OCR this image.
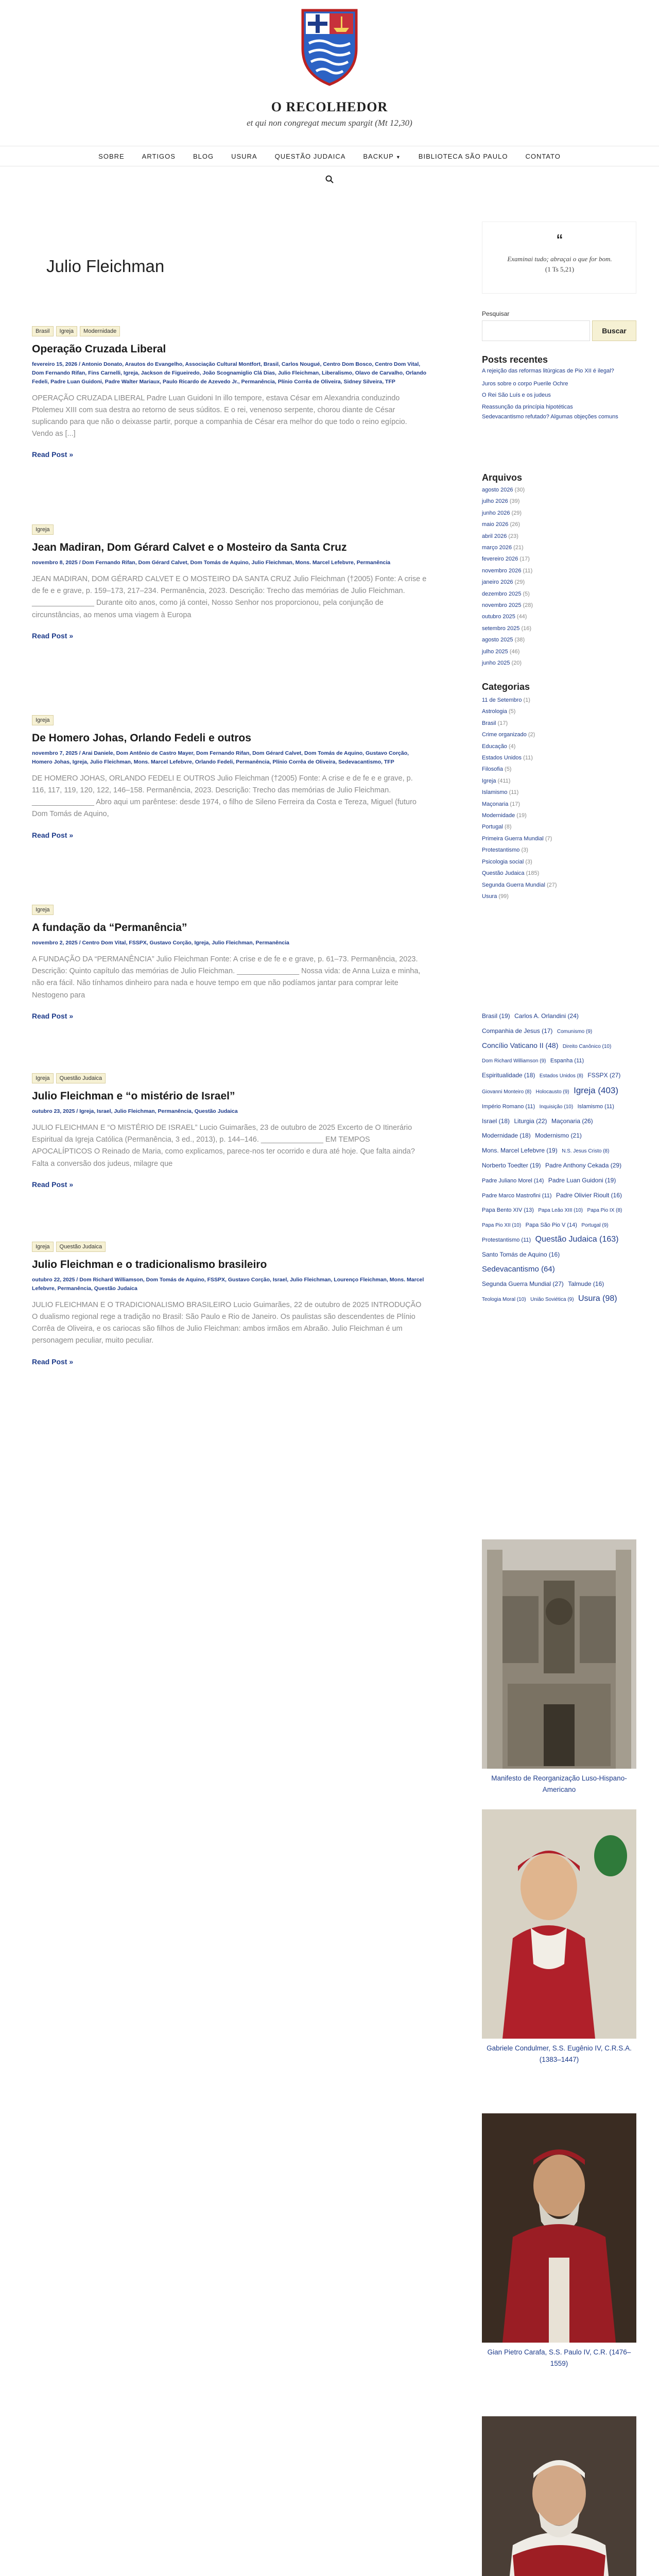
O RECOLHEDOR
et qui non congregat mecum spargit (Mt 12,30)
SOBRE	ARTIGOS	BLOG	USURA	QUESTÃO JUDAICA	BACKUP ▼	BIBLIOTECA SÃO PAULO	CONTATO
Julio Fleichman
Brasil	Igreja	Modernidade
Operação Cruzada Liberal
fevereiro 15, 2026 / Antonio Donato, Arautos do Evangelho, Associação Cultural Montfort, Brasil, Carlos Nougué, Centro Dom Bosco, Centro Dom Vital, Dom Fernando Rifan, Fins Carnelli, Igreja, Jackson de Figueiredo, João Scognamiglio Clá Dias, Julio Fleichman, Liberalismo, Olavo de Carvalho, Orlando Fedeli, Padre Luan Guidoni, Padre Walter Mariaux, Paulo Ricardo de Azevedo Jr., Permanência, Plínio Corrêa de Oliveira, Sidney Silveira, TFP

OPERAÇÃO CRUZADA LIBERAL Padre Luan Guidoni In illo tempore, estava César em Alexandria conduzindo Ptolemeu XIII com sua destra ao retorno de seus súditos. E o rei, venenoso serpente, chorou diante de César suplicando para que não o deixasse partir, porque a companhia de César era melhor do que todo o reino egípcio. Vendo as [...]

Read Post »
Igreja
Jean Madiran, Dom Gérard Calvet e o Mosteiro da Santa Cruz
novembro 8, 2025 / Dom Fernando Rifan, Dom Gérard Calvet, Dom Tomás de Aquino, Julio Fleichman, Mons. Marcel Lefebvre, Permanência

JEAN MADIRAN, DOM GÉRARD CALVET E O MOSTEIRO DA SANTA CRUZ Julio Fleichman (†2005) Fonte: A crise e de fe e e grave, p. 159–173, 217–234. Permanência, 2023. Descrição: Trecho das memórias de Julio Fleichman. _______________ Durante oito anos, como já contei, Nosso Senhor nos proporcionou, pela conjunção de circunstâncias, ao menos uma viagem à Europa

Read Post »
Igreja
De Homero Johas, Orlando Fedeli e outros
novembro 7, 2025 / Arai Daniele, Dom Antônio de Castro Mayer, Dom Fernando Rifan, Dom Gérard Calvet, Dom Tomás de Aquino, Gustavo Corção, Homero Johas, Igreja, Julio Fleichman, Mons. Marcel Lefebvre, Orlando Fedeli, Permanência, Plínio Corrêa de Oliveira, Sedevacantismo, TFP

DE HOMERO JOHAS, ORLANDO FEDELI E OUTROS Julio Fleichman (†2005) Fonte: A crise e de fe e e grave, p. 116, 117, 119, 120, 122, 146–158. Permanência, 2023. Descrição: Trecho das memórias de Julio Fleichman. _______________ Abro aqui um parêntese: desde 1974, o filho de Sileno Ferreira da Costa e Tereza, Miguel (futuro Dom Tomás de Aquino,

Read Post »
Igreja
A fundação da “Permanência”
novembro 2, 2025 / Centro Dom Vital, FSSPX, Gustavo Corção, Igreja, Julio Fleichman, Permanência

A FUNDAÇÃO DA “PERMANÊNCIA” Julio Fleichman Fonte: A crise e de fe e e grave, p. 61–73. Permanência, 2023. Descrição: Quinto capítulo das memórias de Julio Fleichman. _______________ Nossa vida: de Anna Luiza e minha, não era fácil. Não tínhamos dinheiro para nada e houve tempo em que não podíamos jantar para comprar leite Nestogeno para

Read Post »
Igreja	Questão Judaica
Julio Fleichman e “o mistério de Israel”
outubro 23, 2025 / Igreja, Israel, Julio Fleichman, Permanência, Questão Judaica

JULIO FLEICHMAN E “O MISTÉRIO DE ISRAEL” Lucio Guimarães, 23 de outubro de 2025 Excerto de O Itinerário Espiritual da Igreja Católica (Permanência, 3 ed., 2013), p. 144–146. _______________ EM TEMPOS APOCALÍPTICOS O Reinado de Maria, como explicamos, parece-nos ter ocorrido e dura até hoje. Que falta ainda? Falta a conversão dos judeus, milagre que

Read Post »
Igreja	Questão Judaica
Julio Fleichman e o tradicionalismo brasileiro
outubro 22, 2025 / Dom Richard Williamson, Dom Tomás de Aquino, FSSPX, Gustavo Corção, Israel, Julio Fleichman, Lourenço Fleichman, Mons. Marcel Lefebvre, Permanência, Questão Judaica

JULIO FLEICHMAN E O TRADICIONALISMO BRASILEIRO Lucio Guimarães, 22 de outubro de 2025 INTRODUÇÃO O dualismo regional rege a tradição no Brasil: São Paulo e Rio de Janeiro. Os paulistas são descendentes de Plínio Corrêa de Oliveira, e os cariocas são filhos de Julio Fleichman: ambos irmãos em Abraão. Julio Fleichman é um personagem peculiar, muito peculiar.

Read Post »
“
Examinai tudo; abraçai o que for bom.
(1 Ts 5,21)
Pesquisar
Buscar
Posts recentes
A rejeição das reformas litúrgicas de Pio XII é ilegal?
Juros sobre o corpo Puerile Ochre
O Rei São Luís e os judeus
Reassunção da princípia hipotéticas
Sedevacantismo refutado? Algumas objeções comuns
Arquivos
agosto 2026 (30)
julho 2026 (39)
junho 2026 (29)
maio 2026 (26)
abril 2026 (23)
março 2026 (21)
fevereiro 2026 (17)
novembro 2026 (11)
janeiro 2026 (29)
dezembro 2025 (5)
novembro 2025 (28)
outubro 2025 (44)
setembro 2025 (16)
agosto 2025 (38)
julho 2025 (46)
junho 2025 (20)
Categorias
11 de Setembro (1)
Astrologia (5)
Brasil (17)
Crime organizado (2)
Educação (4)
Estados Unidos (11)
Filosofia (5)
Igreja (411)
Islamismo (11)
Maçonaria (17)
Modernidade (19)
Portugal (8)
Primeira Guerra Mundial (7)
Protestantismo (3)
Psicologia social (3)
Questão Judaica (185)
Segunda Guerra Mundial (27)
Usura (99)
Brasil (19) Carlos A. Orlandini (24) Companhia de Jesus (17) Comunismo (9) Concílio Vaticano II (48) Direito Canônico (10) Dom Richard Williamson (9) Espanha (11) Espiritualidade (18) Estados Unidos (8) FSSPX (27) Giovanni Monteiro (8) Holocausto (9) Igreja (403) Império Romano (11) Inquisição (10) Islamismo (11) Israel (18) Liturgia (22) Maçonaria (26) Modernidade (18) Modernismo (21) Mons. Marcel Lefebvre (19) N.S. Jesus Cristo (8) Norberto Toedter (19) Padre Anthony Cekada (29) Padre Juliano Morel (14) Padre Luan Guidoni (19) Padre Marco Mastrofini (11) Padre Olivier Rioult (16) Papa Bento XIV (13) Papa Leão XIII (10) Papa Pio IX (8) Papa Pio XII (10) Papa São Pio V (14) Portugal (9) Protestantismo (11) Questão Judaica (163) Santo Tomás de Aquino (16) Sedevacantismo (64) Segunda Guerra Mundial (27) Talmude (16) Teologia Moral (10) União Soviética (9) Usura (98)
Manifesto de Reorganização Luso-Hispano-Americano
Gabriele Condulmer, S.S. Eugênio IV, C.R.S.A. (1383–1447)
Gian Pietro Carafa, S.S. Paulo IV, C.R. (1476–1559)
